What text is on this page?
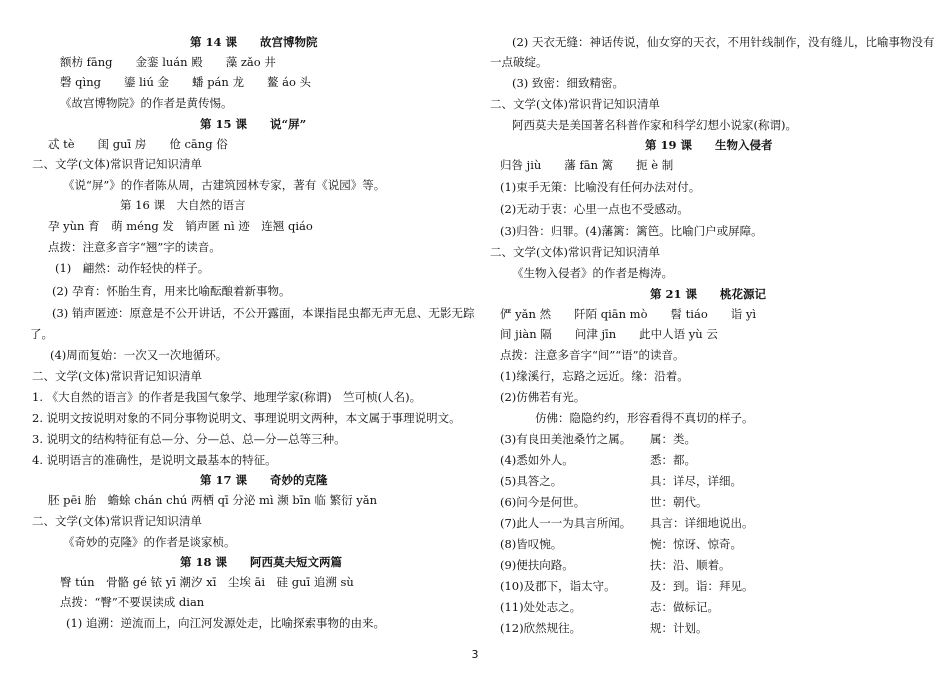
第 14 课　　故宫博物院
额枋 fāng　　金銮 luán 殿　　藻 zǎo 井
磬 qìng　　鎏 liú 金　　蟠 pán 龙　　鳌 áo 头
《故宫博物院》的作者是黄传惕。
第 15 课　　说“屏”
忒 tè　　闺 guī 房　　伧 cāng 俗
二、文学(文体)常识背记知识清单
《说“屏”》的作者陈从周，古建筑园林专家，著有《说园》等。
第 16 课　大自然的语言
孕 yùn 育　萌 méng 发　销声匿 nì 迹　连翘 qiáo
点拨：注意多音字“翘”字的读音。
(1)　翩然：动作轻快的样子。
(2) 孕育：怀胎生育，用来比喻酝酿着新事物。
(3) 销声匿迹：原意是不公开讲话，不公开露面，本课指昆虫都无声无息、无影无踪
了。
(4)周而复始：一次又一次地循环。
二、文学(文体)常识背记知识清单
1. 《大自然的语言》的作者是我国气象学、地理学家(称谓)　竺可桢(人名)。
2. 说明文按说明对象的不同分事物说明文、事理说明文两种，本文属于事理说明文。
3. 说明文的结构特征有总—分、分—总、总—分—总等三种。
4. 说明语言的准确性，是说明文最基本的特征。
第 17 课　　奇妙的克隆
胚 pēi 胎　蟾蜍 chán chú 两栖 qī 分泌 mì 濒 bīn 临 繁衍 yǎn
二、文学(文体)常识背记知识清单
《奇妙的克隆》的作者是谈家桢。
第 18 课　　阿西莫夫短文两篇
臀 tún　骨骼 gé 铱 yī 潮汐 xī　尘埃 āi　硅 guī 追溯 sù
点拨：“臀”不要误读成 dian
(1) 追溯：逆流而上，向江河发源处走，比喻探索事物的由来。
(2) 天衣无缝：神话传说，仙女穿的天衣，不用针线制作，没有缝儿，比喻事物没有
一点破绽。
(3) 致密：细致精密。
二、文学(文体)常识背记知识清单
阿西莫夫是美国著名科普作家和科学幻想小说家(称谓)。
第 19 课　　生物入侵者
归咎 jiù　　藩 fān 篱　　扼 è 制
(1)束手无策：比喻没有任何办法对付。
(2)无动于衷：心里一点也不受感动。
(3)归咎：归罪。(4)藩篱：篱笆。比喻门户或屏障。
二、文学(文体)常识背记知识清单
《生物入侵者》的作者是梅涛。
第 21 课　　桃花源记
俨 yǎn 然　　阡陌 qiān mò　　髫 tiáo　　诣 yì
间 jiàn 隔　　问津 jīn　　此中人语 yù 云
点拨：注意多音字“间”“语”的读音。
(1)缘溪行，忘路之远近。缘：沿着。
(2)仿佛若有光。
仿佛：隐隐约约，形容看得不真切的样子。
(3)有良田美池桑竹之属。 属：类。
(4)悉如外人。	悉：都。
(5)具答之。	具：详尽，详细。
(6)问今是何世。	世：朝代。
(7)此人一一为具言所闻。 具言：详细地说出。
(8)皆叹惋。	惋：惊讶、惊奇。
(9)便扶向路。	扶：沿、顺着。
(10)及郡下，诣太守。	及：到。诣：拜见。
(11)处处志之。	志：做标记。
(12)欣然规往。	规：计划。
3
